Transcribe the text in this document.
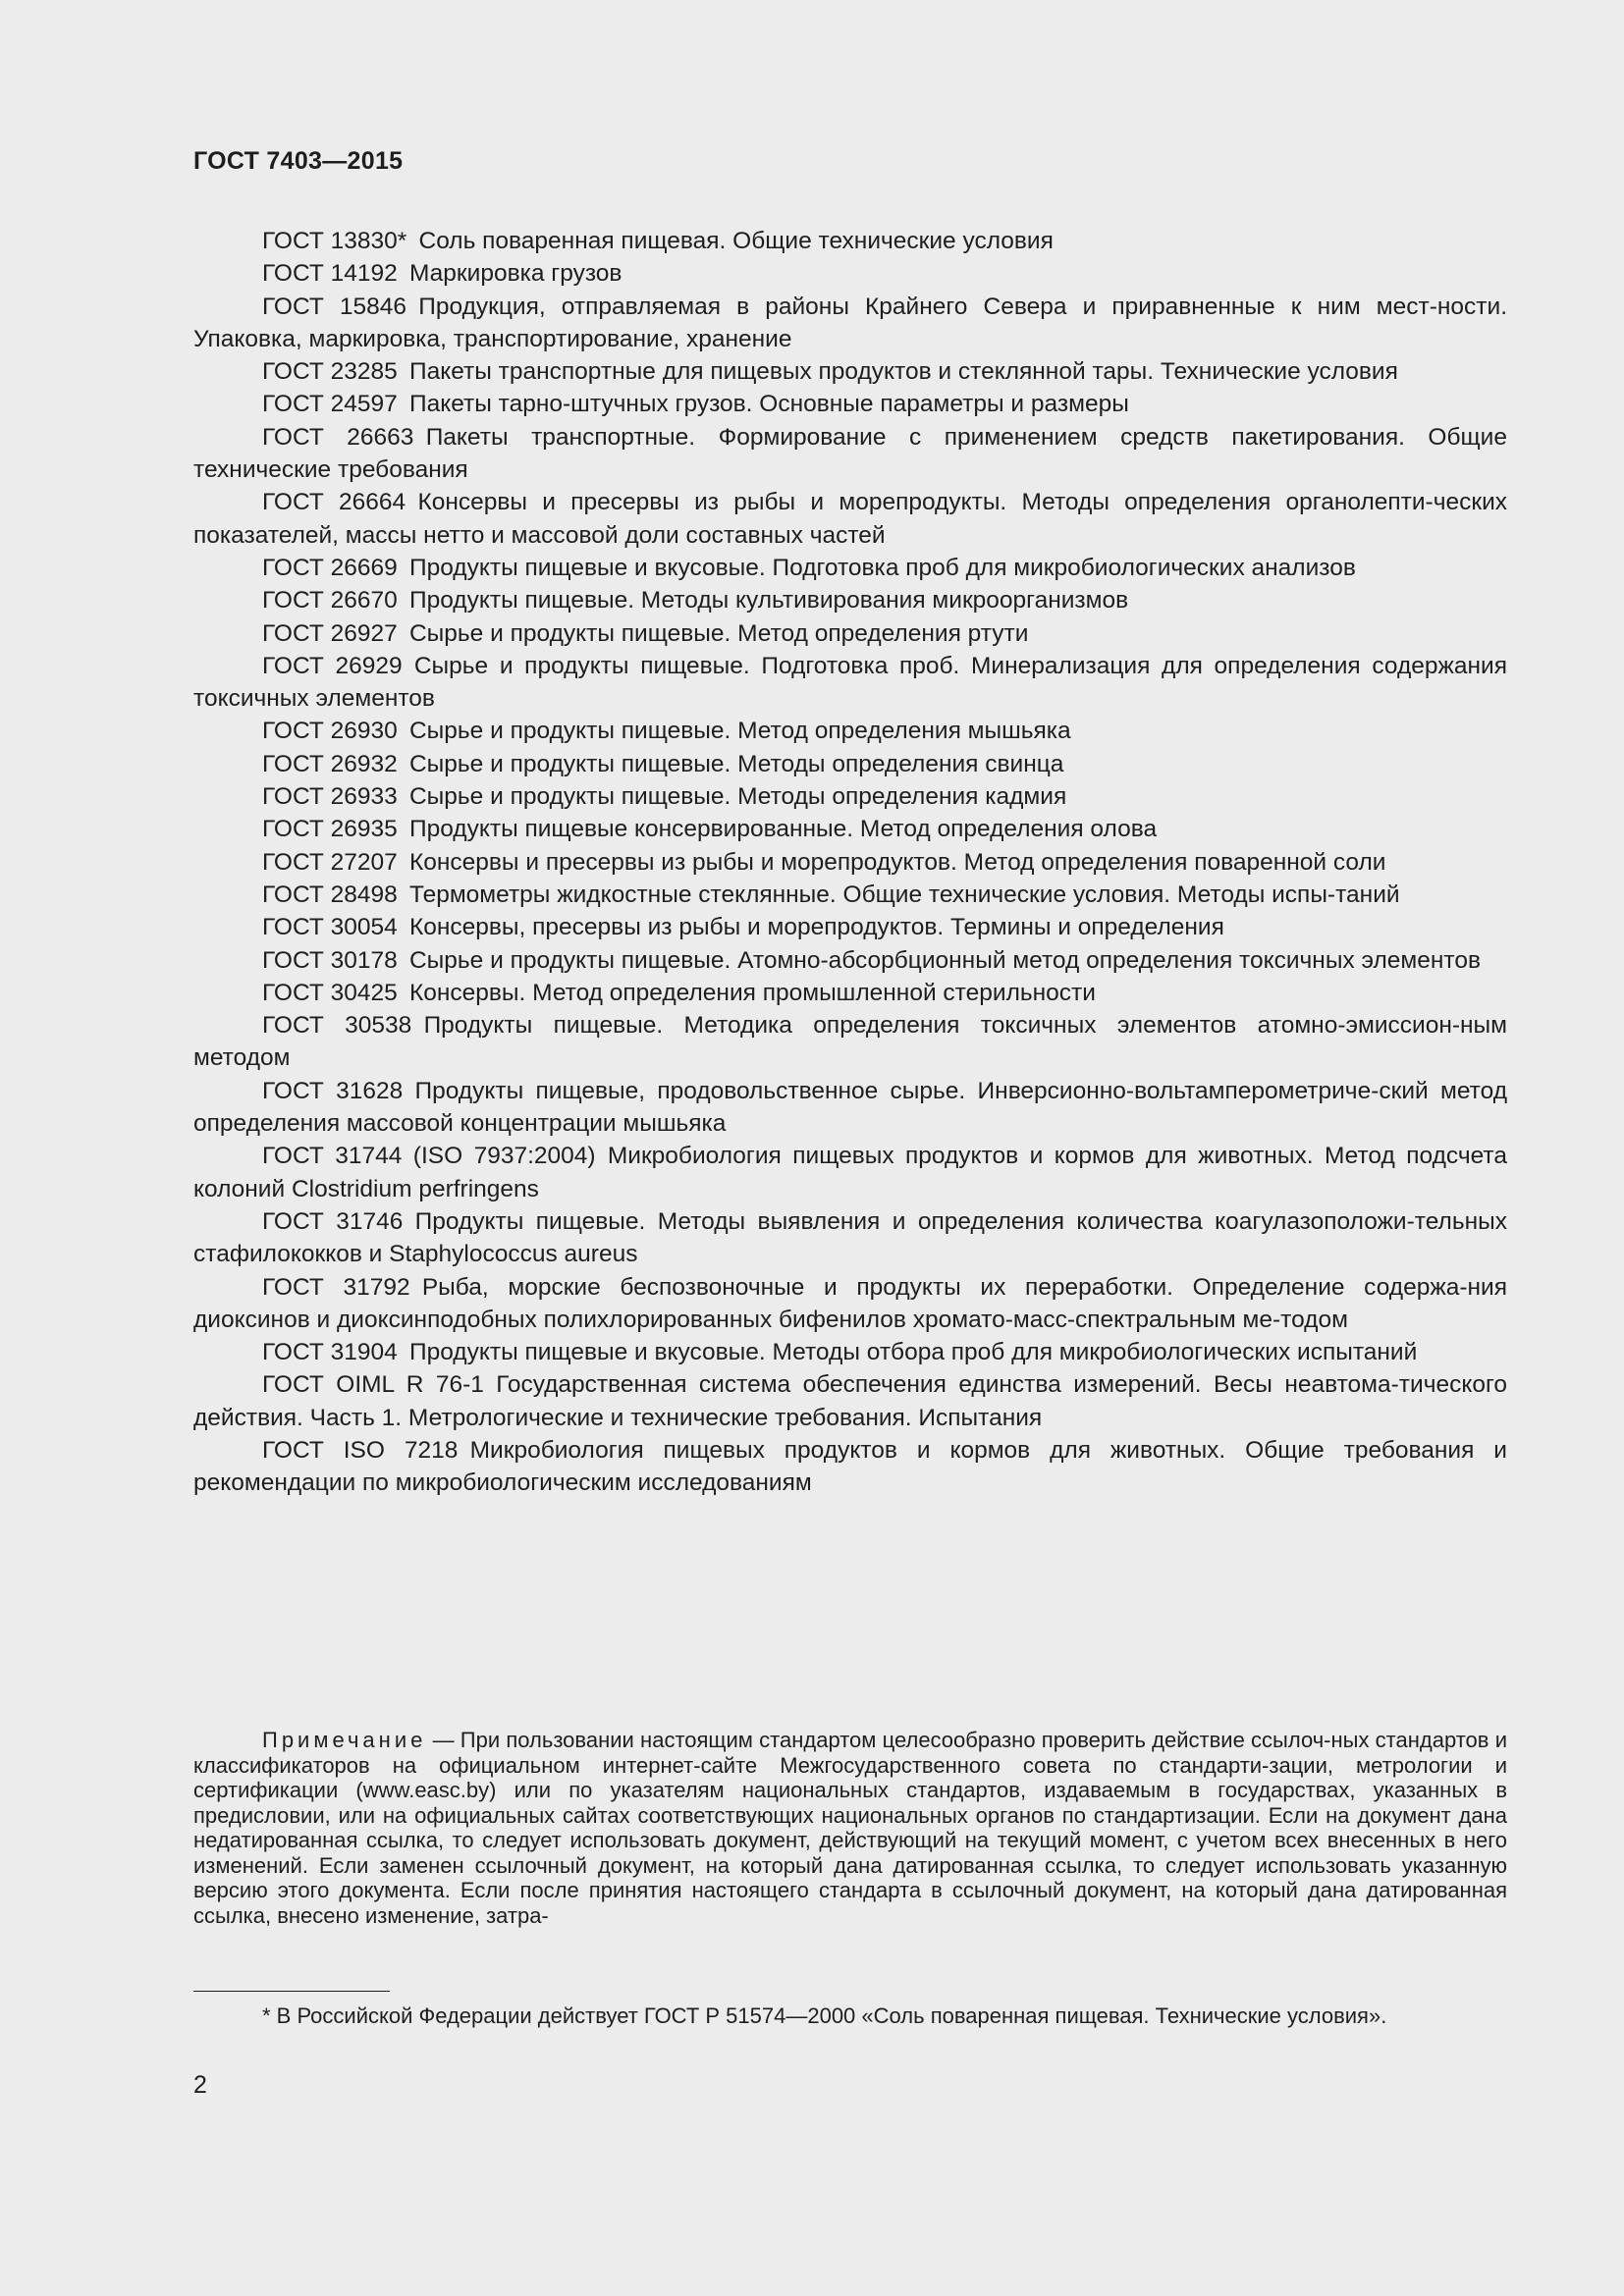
ГОСТ 7403—2015

ГОСТ 13830*  Соль поваренная пищевая. Общие технические условия

ГОСТ 14192  Маркировка грузов

ГОСТ 15846  Продукция, отправляемая в районы Крайнего Севера и приравненные к ним мест-ности. Упаковка, маркировка, транспортирование, хранение

ГОСТ 23285  Пакеты транспортные для пищевых продуктов и стеклянной тары. Технические условия

ГОСТ 24597  Пакеты тарно-штучных грузов. Основные параметры и размеры

ГОСТ 26663  Пакеты транспортные. Формирование с применением средств пакетирования. Общие технические требования

ГОСТ 26664  Консервы и пресервы из рыбы и морепродукты. Методы определения органолепти-ческих показателей, массы нетто и массовой доли составных частей

ГОСТ 26669  Продукты пищевые и вкусовые. Подготовка проб для микробиологических анализов

ГОСТ 26670  Продукты пищевые. Методы культивирования микроорганизмов

ГОСТ 26927  Сырье и продукты пищевые. Метод определения ртути

ГОСТ 26929  Сырье и продукты пищевые. Подготовка проб. Минерализация для определения содержания токсичных элементов

ГОСТ 26930  Сырье и продукты пищевые. Метод определения мышьяка

ГОСТ 26932  Сырье и продукты пищевые. Методы определения свинца

ГОСТ 26933  Сырье и продукты пищевые. Методы определения кадмия

ГОСТ 26935  Продукты пищевые консервированные. Метод определения олова

ГОСТ 27207  Консервы и пресервы из рыбы и морепродуктов. Метод определения поваренной соли

ГОСТ 28498  Термометры жидкостные стеклянные. Общие технические условия. Методы испы-таний

ГОСТ 30054  Консервы, пресервы из рыбы и морепродуктов. Термины и определения

ГОСТ 30178  Сырье и продукты пищевые. Атомно-абсорбционный метод определения токсичных элементов

ГОСТ 30425  Консервы. Метод определения промышленной стерильности

ГОСТ 30538  Продукты пищевые. Методика определения токсичных элементов атомно-эмиссион-ным методом

ГОСТ 31628  Продукты пищевые, продовольственное сырье. Инверсионно-вольтамперометриче-ский метод определения массовой концентрации мышьяка

ГОСТ 31744 (ISO 7937:2004)  Микробиология пищевых продуктов и кормов для животных. Метод подсчета колоний Clostridium perfringens

ГОСТ 31746  Продукты пищевые. Методы выявления и определения количества коагулазоположи-тельных стафилококков и Staphylococcus aureus

ГОСТ 31792  Рыба, морские беспозвоночные и продукты их переработки. Определение содержа-ния диоксинов и диоксинподобных полихлорированных бифенилов хромато-масс-спектральным ме-тодом

ГОСТ 31904  Продукты пищевые и вкусовые. Методы отбора проб для микробиологических испытаний

ГОСТ OIML R 76-1  Государственная система обеспечения единства измерений. Весы неавтома-тического действия. Часть 1. Метрологические и технические требования. Испытания

ГОСТ ISO 7218  Микробиология пищевых продуктов и кормов для животных. Общие требования и рекомендации по микробиологическим исследованиям

Примечание — При пользовании настоящим стандартом целесообразно проверить действие ссылоч-ных стандартов и классификаторов на официальном интернет-сайте Межгосударственного совета по стандарти-зации, метрологии и сертификации (www.easc.by) или по указателям национальных стандартов, издаваемым в государствах, указанных в предисловии, или на официальных сайтах соответствующих национальных органов по стандартизации. Если на документ дана недатированная ссылка, то следует использовать документ, действующий на текущий момент, с учетом всех внесенных в него изменений. Если заменен ссылочный документ, на который дана датированная ссылка, то следует использовать указанную версию этого документа. Если после принятия настоящего стандарта в ссылочный документ, на который дана датированная ссылка, внесено изменение, затра-
* В Российской Федерации действует ГОСТ Р 51574—2000 «Соль поваренная пищевая. Технические условия».
2
